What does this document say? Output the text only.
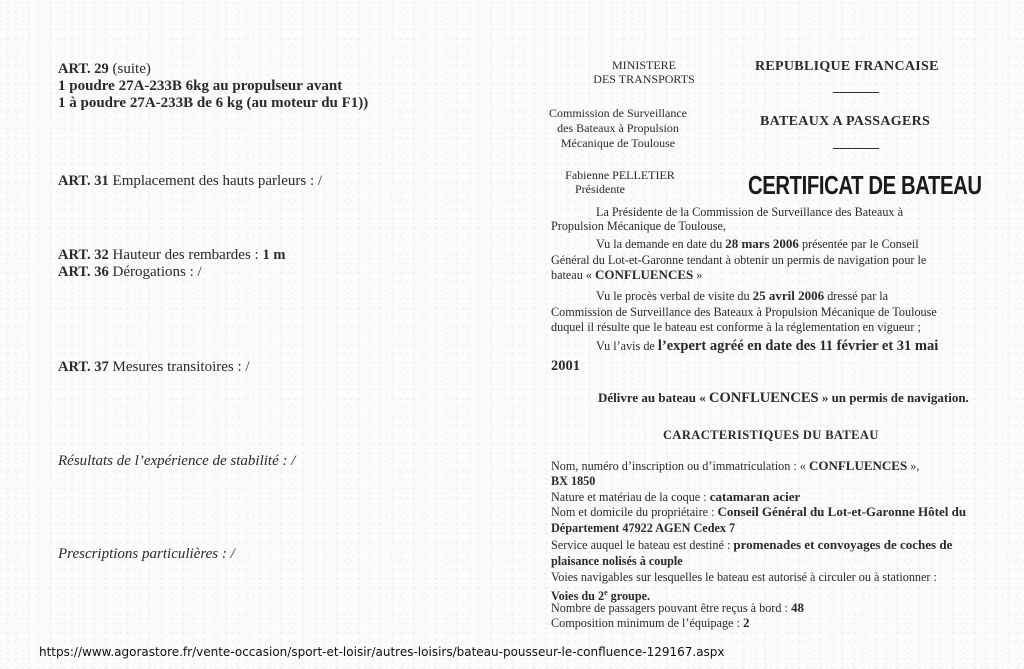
ART. 29 (suite)
1 poudre 27A-233B 6kg au propulseur avant
1 à poudre 27A-233B de 6 kg (au moteur du F1))
ART. 31 Emplacement des hauts parleurs : /
ART. 32 Hauteur des rembardes : 1 m
ART. 36 Dérogations : /
ART. 37 Mesures transitoires : /
Résultats de l’expérience de stabilité : /
Prescriptions particulières : /
MINISTERE
DES TRANSPORTS
Commission de Surveillance
des Bateaux à Propulsion
Mécanique de Toulouse
Fabienne PELLETIER
Présidente
REPUBLIQUE FRANCAISE
BATEAUX A PASSAGERS
CERTIFICAT DE BATEAU
La Présidente de la Commission de Surveillance des Bateaux à
Propulsion Mécanique de Toulouse,
Vu la demande en date du 28 mars 2006 présentée par le Conseil
Général du Lot-et-Garonne tendant à obtenir un permis de navigation pour le
bateau « CONFLUENCES »
Vu le procès verbal de visite du 25 avril 2006 dressé par la
Commission de Surveillance des Bateaux à Propulsion Mécanique de Toulouse
duquel il résulte que le bateau est conforme à la réglementation en vigueur ;
Vu l’avis de l’expert agréé en date des 11 février et 31 mai
2001
Délivre au bateau « CONFLUENCES » un permis de navigation.
CARACTERISTIQUES DU BATEAU
Nom, numéro d’inscription ou d’immatriculation : « CONFLUENCES »,
BX 1850
Nature et matériau de la coque : catamaran acier
Nom et domicile du propriétaire : Conseil Général du Lot-et-Garonne Hôtel du
Département 47922 AGEN Cedex 7
Service auquel le bateau est destiné : promenades et convoyages de coches de
plaisance nolisés à couple
Voies navigables sur lesquelles le bateau est autorisé à circuler ou à stationner :
Voies du 2e groupe.
Nombre de passagers pouvant être reçus à bord : 48
Composition minimum de l’équipage : 2
https://www.agorastore.fr/vente-occasion/sport-et-loisir/autres-loisirs/bateau-pousseur-le-confluence-129167.aspx
